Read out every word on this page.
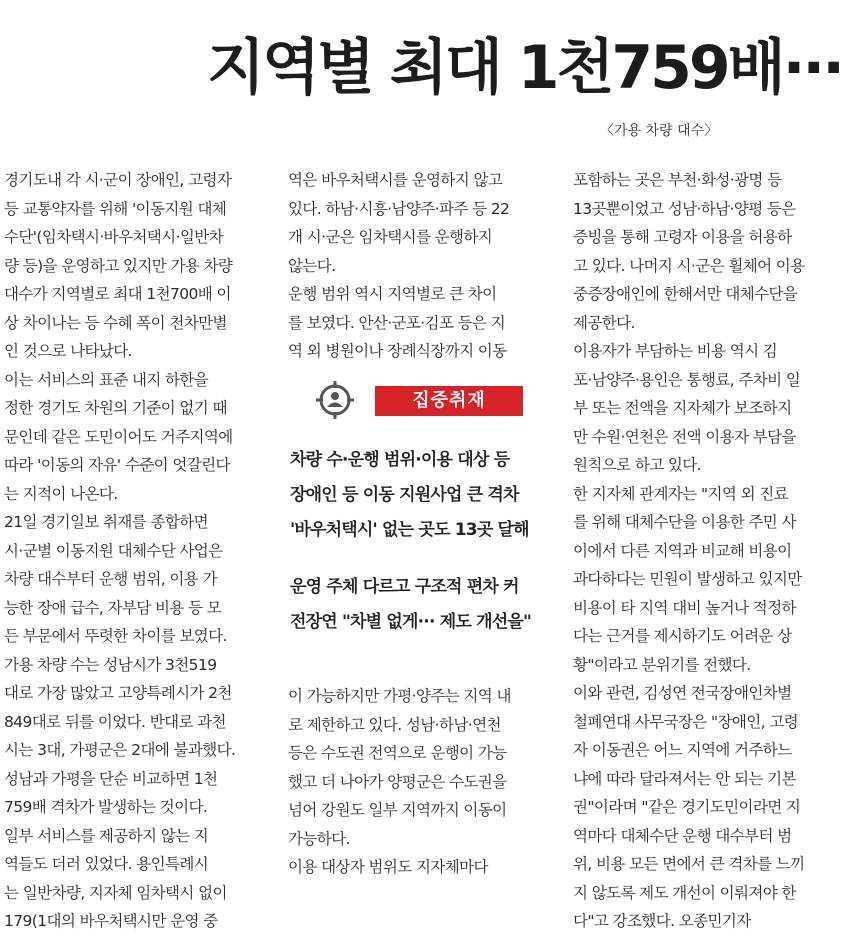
지역별 최대 1천759배···
〈가용 차량 대수〉
경기도내 각 시·군이 장애인, 고령자
등 교통약자를 위해 '이동지원 대체
수단'(임차택시·바우처택시·일반차
량 등)을 운영하고 있지만 가용 차량
대수가 지역별로 최대 1천700배 이
상 차이나는 등 수혜 폭이 천차만별
인 것으로 나타났다.
이는 서비스의 표준 내지 하한을
정한 경기도 차원의 기준이 없기 때
문인데 같은 도민이어도 거주지역에
따라 '이동의 자유' 수준이 엇갈린다
는 지적이 나온다.
21일 경기일보 취재를 종합하면
시·군별 이동지원 대체수단 사업은
차량 대수부터 운행 범위, 이용 가
능한 장애 급수, 자부담 비용 등 모
든 부문에서 뚜렷한 차이를 보였다.
가용 차량 수는 성남시가 3천519
대로 가장 많았고 고양특례시가 2천
849대로 뒤를 이었다. 반대로 과천
시는 3대, 가평군은 2대에 불과했다.
성남과 가평을 단순 비교하면 1천
759배 격차가 발생하는 것이다.
일부 서비스를 제공하지 않는 지
역들도 더러 있었다. 용인특례시
는 일반차량, 지자체 임차택시 없이
179(1대의 바우처택시만 운영 중
역은 바우처택시를 운영하지 않고
있다. 하남·시흥·남양주·파주 등 22
개 시·군은 임차택시를 운행하지
않는다.
운행 범위 역시 지역별로 큰 차이
를 보였다. 안산·군포·김포 등은 지
역 외 병원이나 장례식장까지 이동
이 가능하지만 가평·양주는 지역 내
로 제한하고 있다. 성남·하남·연천
등은 수도권 전역으로 운행이 가능
했고 더 나아가 양평군은 수도권을
넘어 강원도 일부 지역까지 이동이
가능하다.
이용 대상자 범위도 지자체마다
포함하는 곳은 부천·화성·광명 등
13곳뿐이었고 성남·하남·양평 등은
증빙을 통해 고령자 이용을 허용하
고 있다. 나머지 시·군은 휠체어 이용
중증장애인에 한해서만 대체수단을
제공한다.
이용자가 부담하는 비용 역시 김
포·남양주·용인은 통행료, 주차비 일
부 또는 전액을 지자체가 보조하지
만 수원·연천은 전액 이용자 부담을
원칙으로 하고 있다.
한 지자체 관계자는 "지역 외 진료
를 위해 대체수단을 이용한 주민 사
이에서 다른 지역과 비교해 비용이
과다하다는 민원이 발생하고 있지만
비용이 타 지역 대비 높거나 적정하
다는 근거를 제시하기도 어려운 상
황"이라고 분위기를 전했다.
이와 관련, 김성연 전국장애인차별
철폐연대 사무국장은 "장애인, 고령
자 이동권은 어느 지역에 거주하느
냐에 따라 달라져서는 안 되는 기본
권"이라며 "같은 경기도민이라면 지
역마다 대체수단 운행 대수부터 범
위, 비용 모든 면에서 큰 격차를 느끼
지 않도록 제도 개선이 이뤄져야 한
다"고 강조했다. 오종민기자
집중취재
차량 수·운행 범위·이용 대상 등
장애인 등 이동 지원사업 큰 격차
'바우처택시' 없는 곳도 13곳 달해
운영 주체 다르고 구조적 편차 커
전장연 "차별 없게··· 제도 개선을"
